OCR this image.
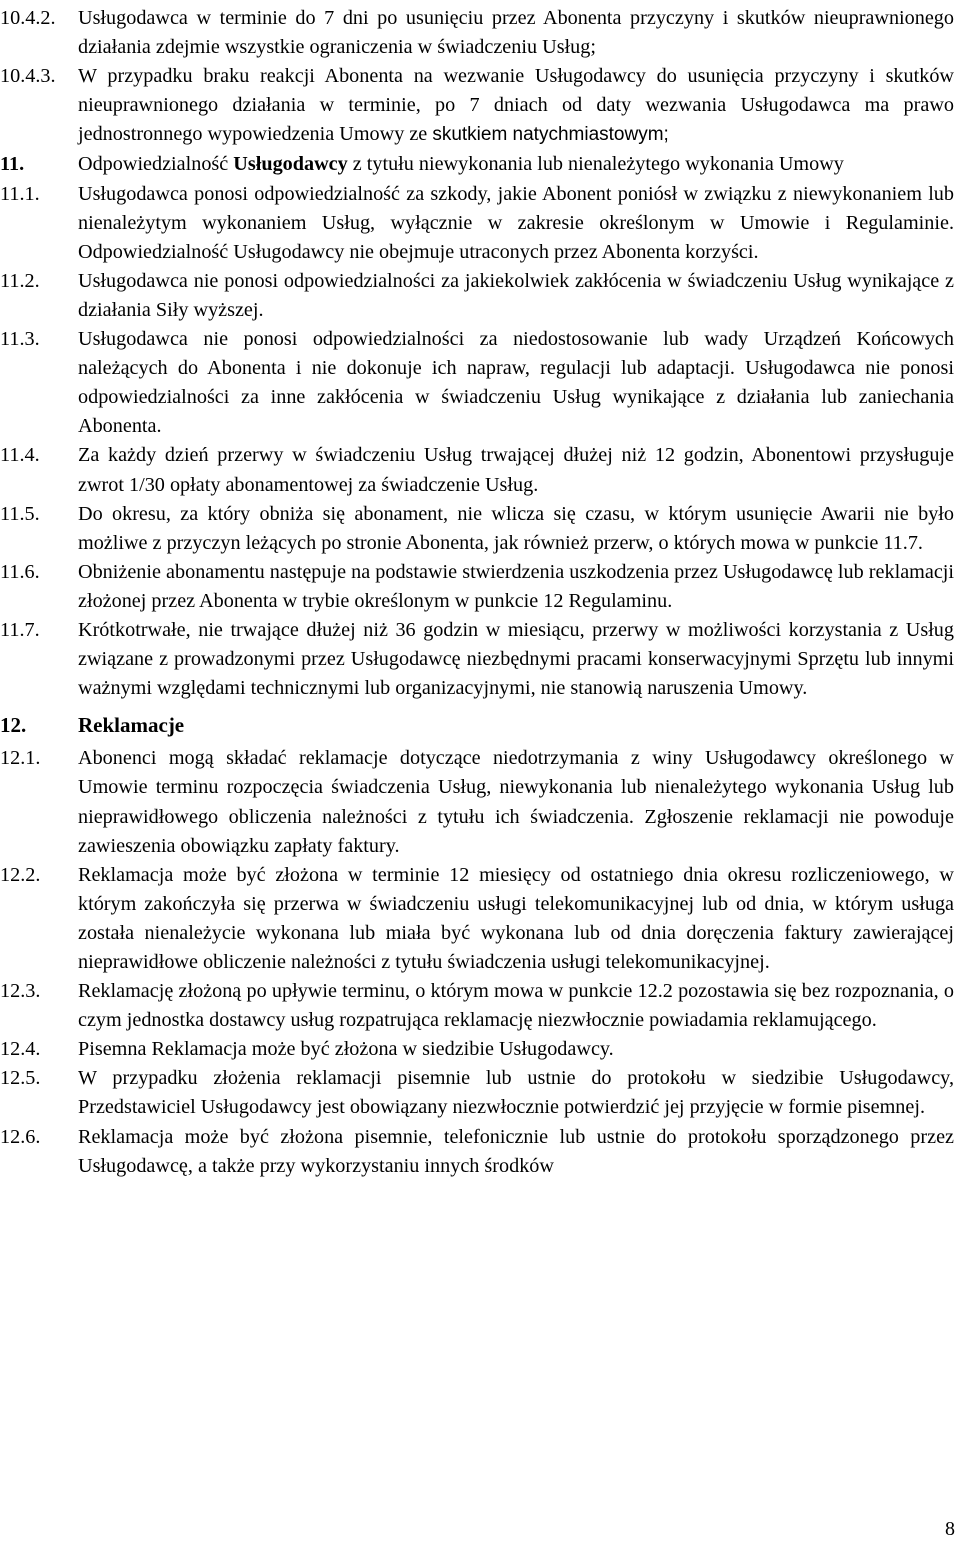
10.4.2.	Usługodawca w terminie do 7 dni po usunięciu przez Abonenta przyczyny i skutków nieuprawnionego działania zdejmie wszystkie ograniczenia w świadczeniu Usług;
10.4.3.	W przypadku braku reakcji Abonenta na wezwanie Usługodawcy do usunięcia przyczyny i skutków nieuprawnionego działania w terminie, po 7 dniach od daty wezwania Usługodawca ma prawo jednostronnego wypowiedzenia Umowy ze skutkiem natychmiastowym;
11.	Odpowiedzialność Usługodawcy z tytułu niewykonania lub nienależytego wykonania Umowy
11.1.	Usługodawca ponosi odpowiedzialność za szkody, jakie Abonent poniósł w związku z niewykonaniem lub nienależytym wykonaniem Usług, wyłącznie w zakresie określonym w Umowie i Regulaminie. Odpowiedzialność Usługodawcy nie obejmuje utraconych przez Abonenta korzyści.
11.2.	Usługodawca nie ponosi odpowiedzialności za jakiekolwiek zakłócenia w świadczeniu Usług wynikające z działania Siły wyższej.
11.3.	Usługodawca nie ponosi odpowiedzialności za niedostosowanie lub wady Urządzeń Końcowych należących do Abonenta i nie dokonuje ich napraw, regulacji lub adaptacji. Usługodawca nie ponosi odpowiedzialności za inne zakłócenia w świadczeniu Usług wynikające z działania lub zaniechania Abonenta.
11.4.	Za każdy dzień przerwy w świadczeniu Usług trwającej dłużej niż 12 godzin, Abonentowi przysługuje zwrot 1/30 opłaty abonamentowej za świadczenie Usług.
11.5.	Do okresu, za który obniża się abonament, nie wlicza się czasu, w którym usunięcie Awarii nie było możliwe z przyczyn leżących po stronie Abonenta, jak również przerw, o których mowa w punkcie 11.7.
11.6.	Obniżenie abonamentu następuje na podstawie stwierdzenia uszkodzenia przez Usługodawcę lub reklamacji złożonej przez Abonenta w trybie określonym w punkcie 12 Regulaminu.
11.7.	Krótkotrwałe, nie trwające dłużej niż 36 godzin w miesiącu, przerwy w możliwości korzystania z Usług związane z prowadzonymi przez Usługodawcę niezbędnymi pracami konserwacyjnymi Sprzętu lub innymi ważnymi względami technicznymi lub organizacyjnymi, nie stanowią naruszenia Umowy.
12.	Reklamacje
12.1.	Abonenci mogą składać reklamacje dotyczące niedotrzymania z winy Usługodawcy określonego w Umowie terminu rozpoczęcia świadczenia Usług, niewykonania lub nienależytego wykonania Usług lub nieprawidłowego obliczenia należności z tytułu ich świadczenia. Zgłoszenie reklamacji nie powoduje zawieszenia obowiązku zapłaty faktury.
12.2.	Reklamacja może być złożona w terminie 12 miesięcy od ostatniego dnia okresu rozliczeniowego, w którym zakończyła się przerwa w świadczeniu usługi telekomunikacyjnej lub od dnia, w którym usługa została nienależycie wykonana lub miała być wykonana lub od dnia doręczenia faktury zawierającej nieprawidłowe obliczenie należności z tytułu świadczenia usługi telekomunikacyjnej.
12.3.	Reklamację złożoną po upływie terminu, o którym mowa w punkcie 12.2 pozostawia się bez rozpoznania, o czym jednostka dostawcy usług rozpatrująca reklamację niezwłocznie powiadamia reklamującego.
12.4.	Pisemna Reklamacja może być złożona w siedzibie Usługodawcy.
12.5.	W przypadku złożenia reklamacji pisemnie lub ustnie do protokołu w siedzibie Usługodawcy, Przedstawiciel Usługodawcy jest obowiązany niezwłocznie potwierdzić jej przyjęcie w formie pisemnej.
12.6.	Reklamacja może być złożona pisemnie, telefonicznie lub ustnie do protokołu sporządzonego przez Usługodawcę, a także przy wykorzystaniu innych środków
8
